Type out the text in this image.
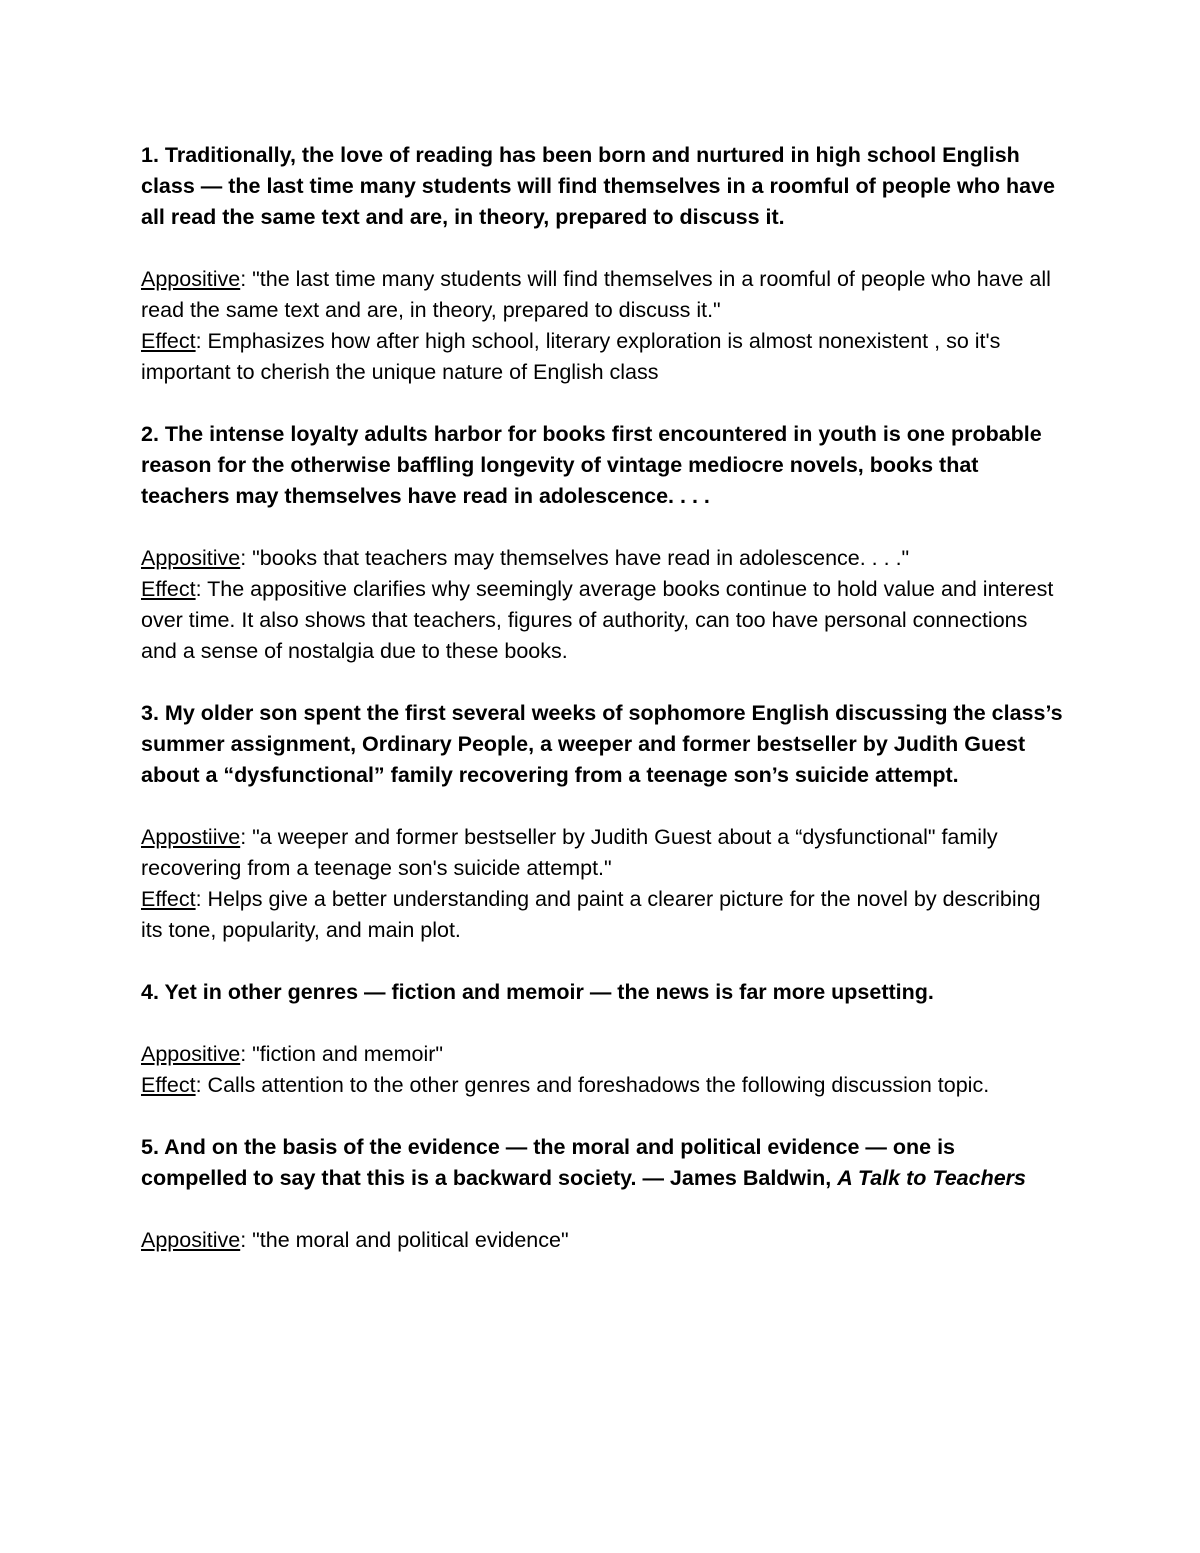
1. Traditionally, the love of reading has been born and nurtured in high school English class — the last time many students will find themselves in a roomful of people who have all read the same text and are, in theory, prepared to discuss it.

Appositive: "the last time many students will find themselves in a roomful of people who have all read the same text and are, in theory, prepared to discuss it."

Effect: Emphasizes how after high school, literary exploration is almost nonexistent , so it's important to cherish the unique nature of English class

2. The intense loyalty adults harbor for books first encountered in youth is one probable reason for the otherwise baffling longevity of vintage mediocre novels, books that teachers may themselves have read in adolescence. . . .

Appositive: "books that teachers may themselves have read in adolescence. . . ."

Effect: The appositive clarifies why seemingly average books continue to hold value and interest over time. It also shows that teachers, figures of authority, can too have personal connections and a sense of nostalgia due to these books.

3. My older son spent the first several weeks of sophomore English discussing the class’s summer assignment, Ordinary People, a weeper and former bestseller by Judith Guest about a “dysfunctional” family recovering from a teenage son’s suicide attempt.

Appostiive: "a weeper and former bestseller by Judith Guest about a “dysfunctional" family recovering from a teenage son's suicide attempt."

Effect: Helps give a better understanding and paint a clearer picture for the novel by describing its tone, popularity, and main plot.

4. Yet in other genres — fiction and memoir — the news is far more upsetting.

Appositive: "fiction and memoir"

Effect: Calls attention to the other genres and foreshadows the following discussion topic.

5. And on the basis of the evidence — the moral and political evidence — one is compelled to say that this is a backward society. — James Baldwin, A Talk to Teachers

Appositive: "the moral and political evidence"
